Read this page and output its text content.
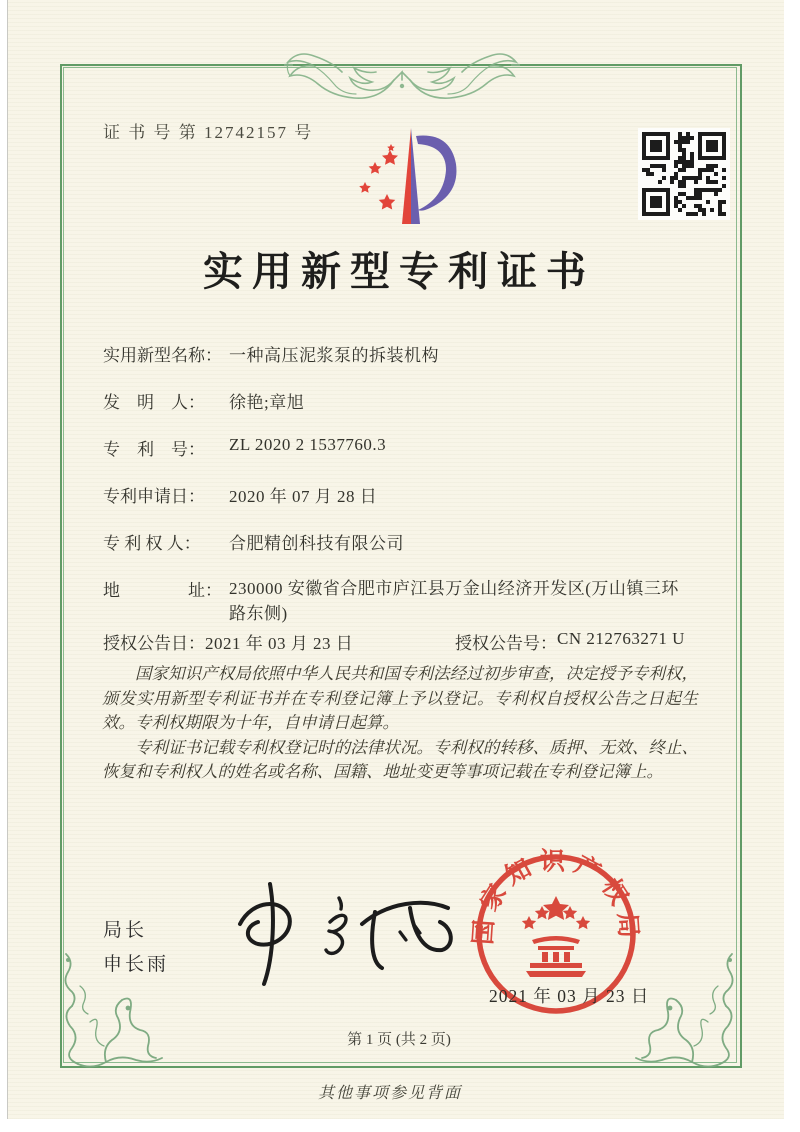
证 书 号 第 12742157 号
实用新型专利证书
实用新型名称： 一种高压泥浆泵的拆装机构
发　明　人：	徐艳;章旭
专　利　号：	ZL 2020 2 1537760.3
专利申请日：	2020 年 07 月 28 日
专 利 权 人：	合肥精创科技有限公司
地　　　　址： 230000 安徽省合肥市庐江县万金山经济开发区(万山镇三环路东侧)
授权公告日： 2021 年 03 月 23 日	授权公告号： CN 212763271 U

国家知识产权局依照中华人民共和国专利法经过初步审查，决定授予专利权，颁发实用新型专利证书并在专利登记簿上予以登记。专利权自授权公告之日起生效。专利权期限为十年，自申请日起算。

专利证书记载专利权登记时的法律状况。专利权的转移、质押、无效、终止、恢复和专利权人的姓名或名称、国籍、地址变更等事项记载在专利登记簿上。

局长
申长雨
国家知识产权局
2021 年 03 月 23 日
第 1 页 (共 2 页)
其他事项参见背面
